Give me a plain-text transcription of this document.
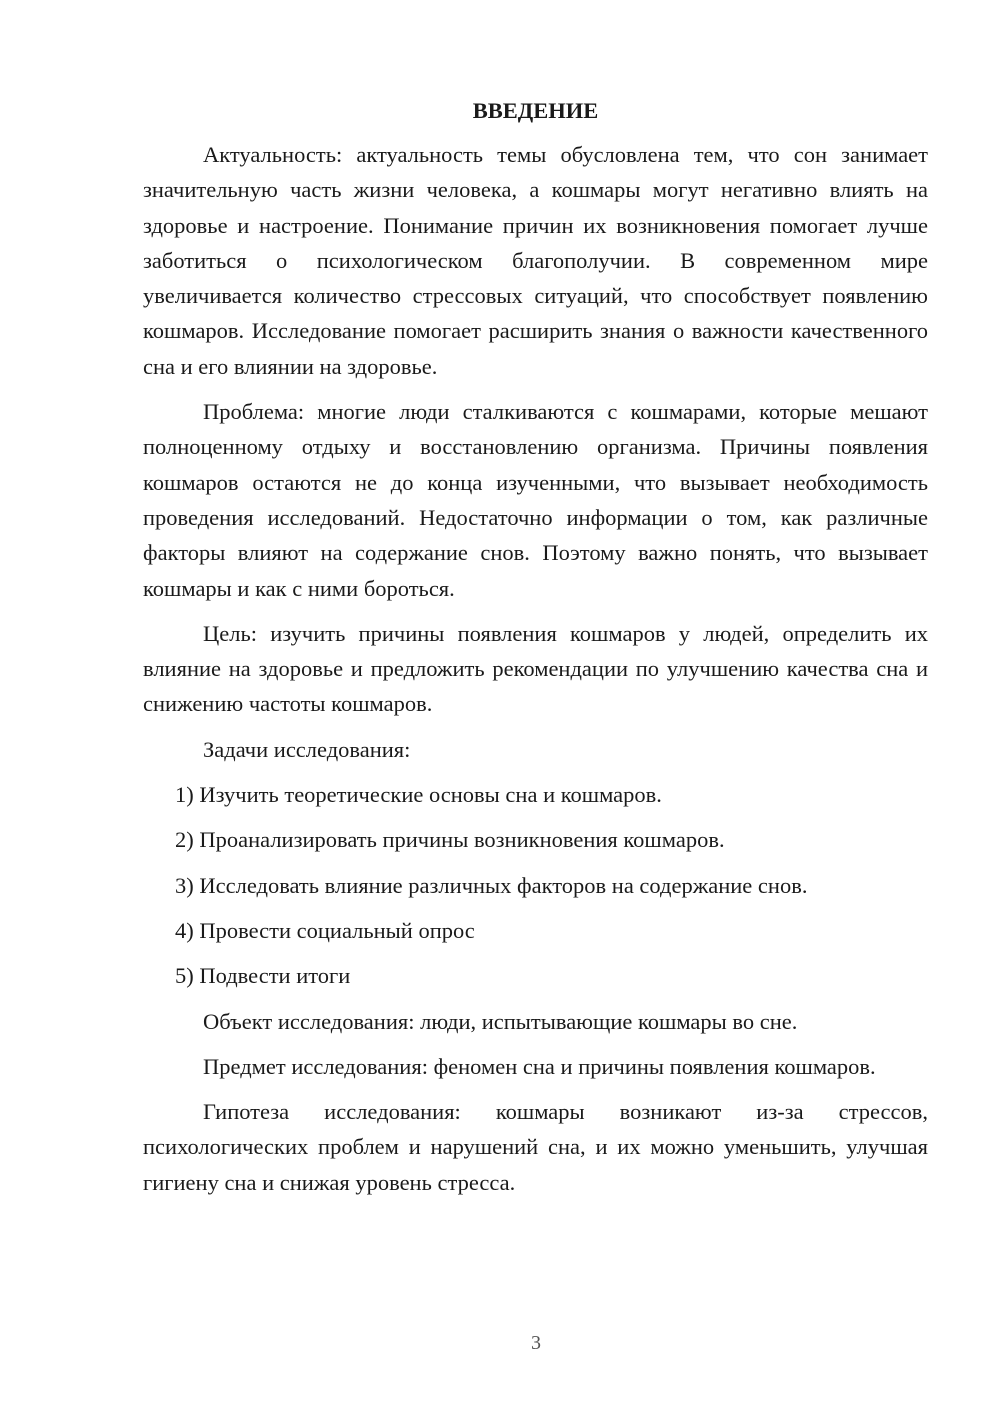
ВВЕДЕНИЕ

Актуальность: актуальность темы обусловлена тем, что сон занимает значительную часть жизни человека, а кошмары могут негативно влиять на здоровье и настроение. Понимание причин их возникновения помогает лучше заботиться о психологическом благополучии. В современном мире увеличивается количество стрессовых ситуаций, что способствует появлению кошмаров. Исследование помогает расширить знания о важности качественного сна и его влиянии на здоровье.

Проблема: многие люди сталкиваются с кошмарами, которые мешают полноценному отдыху и восстановлению организма. Причины появления кошмаров остаются не до конца изученными, что вызывает необходимость проведения исследований. Недостаточно информации о том, как различные факторы влияют на содержание снов. Поэтому важно понять, что вызывает кошмары и как с ними бороться.

Цель: изучить причины появления кошмаров у людей, определить их влияние на здоровье и предложить рекомендации по улучшению качества сна и снижению частоты кошмаров.

Задачи исследования:

1) Изучить теоретические основы сна и кошмаров.
2) Проанализировать причины возникновения кошмаров.
3) Исследовать влияние различных факторов на содержание снов.
4) Провести социальный опрос
5) Подвести итоги

Объект исследования: люди, испытывающие кошмары во сне.

Предмет исследования: феномен сна и причины появления кошмаров.

Гипотеза исследования: кошмары возникают из-за стрессов, психологических проблем и нарушений сна, и их можно уменьшить, улучшая гигиену сна и снижая уровень стресса.

3
